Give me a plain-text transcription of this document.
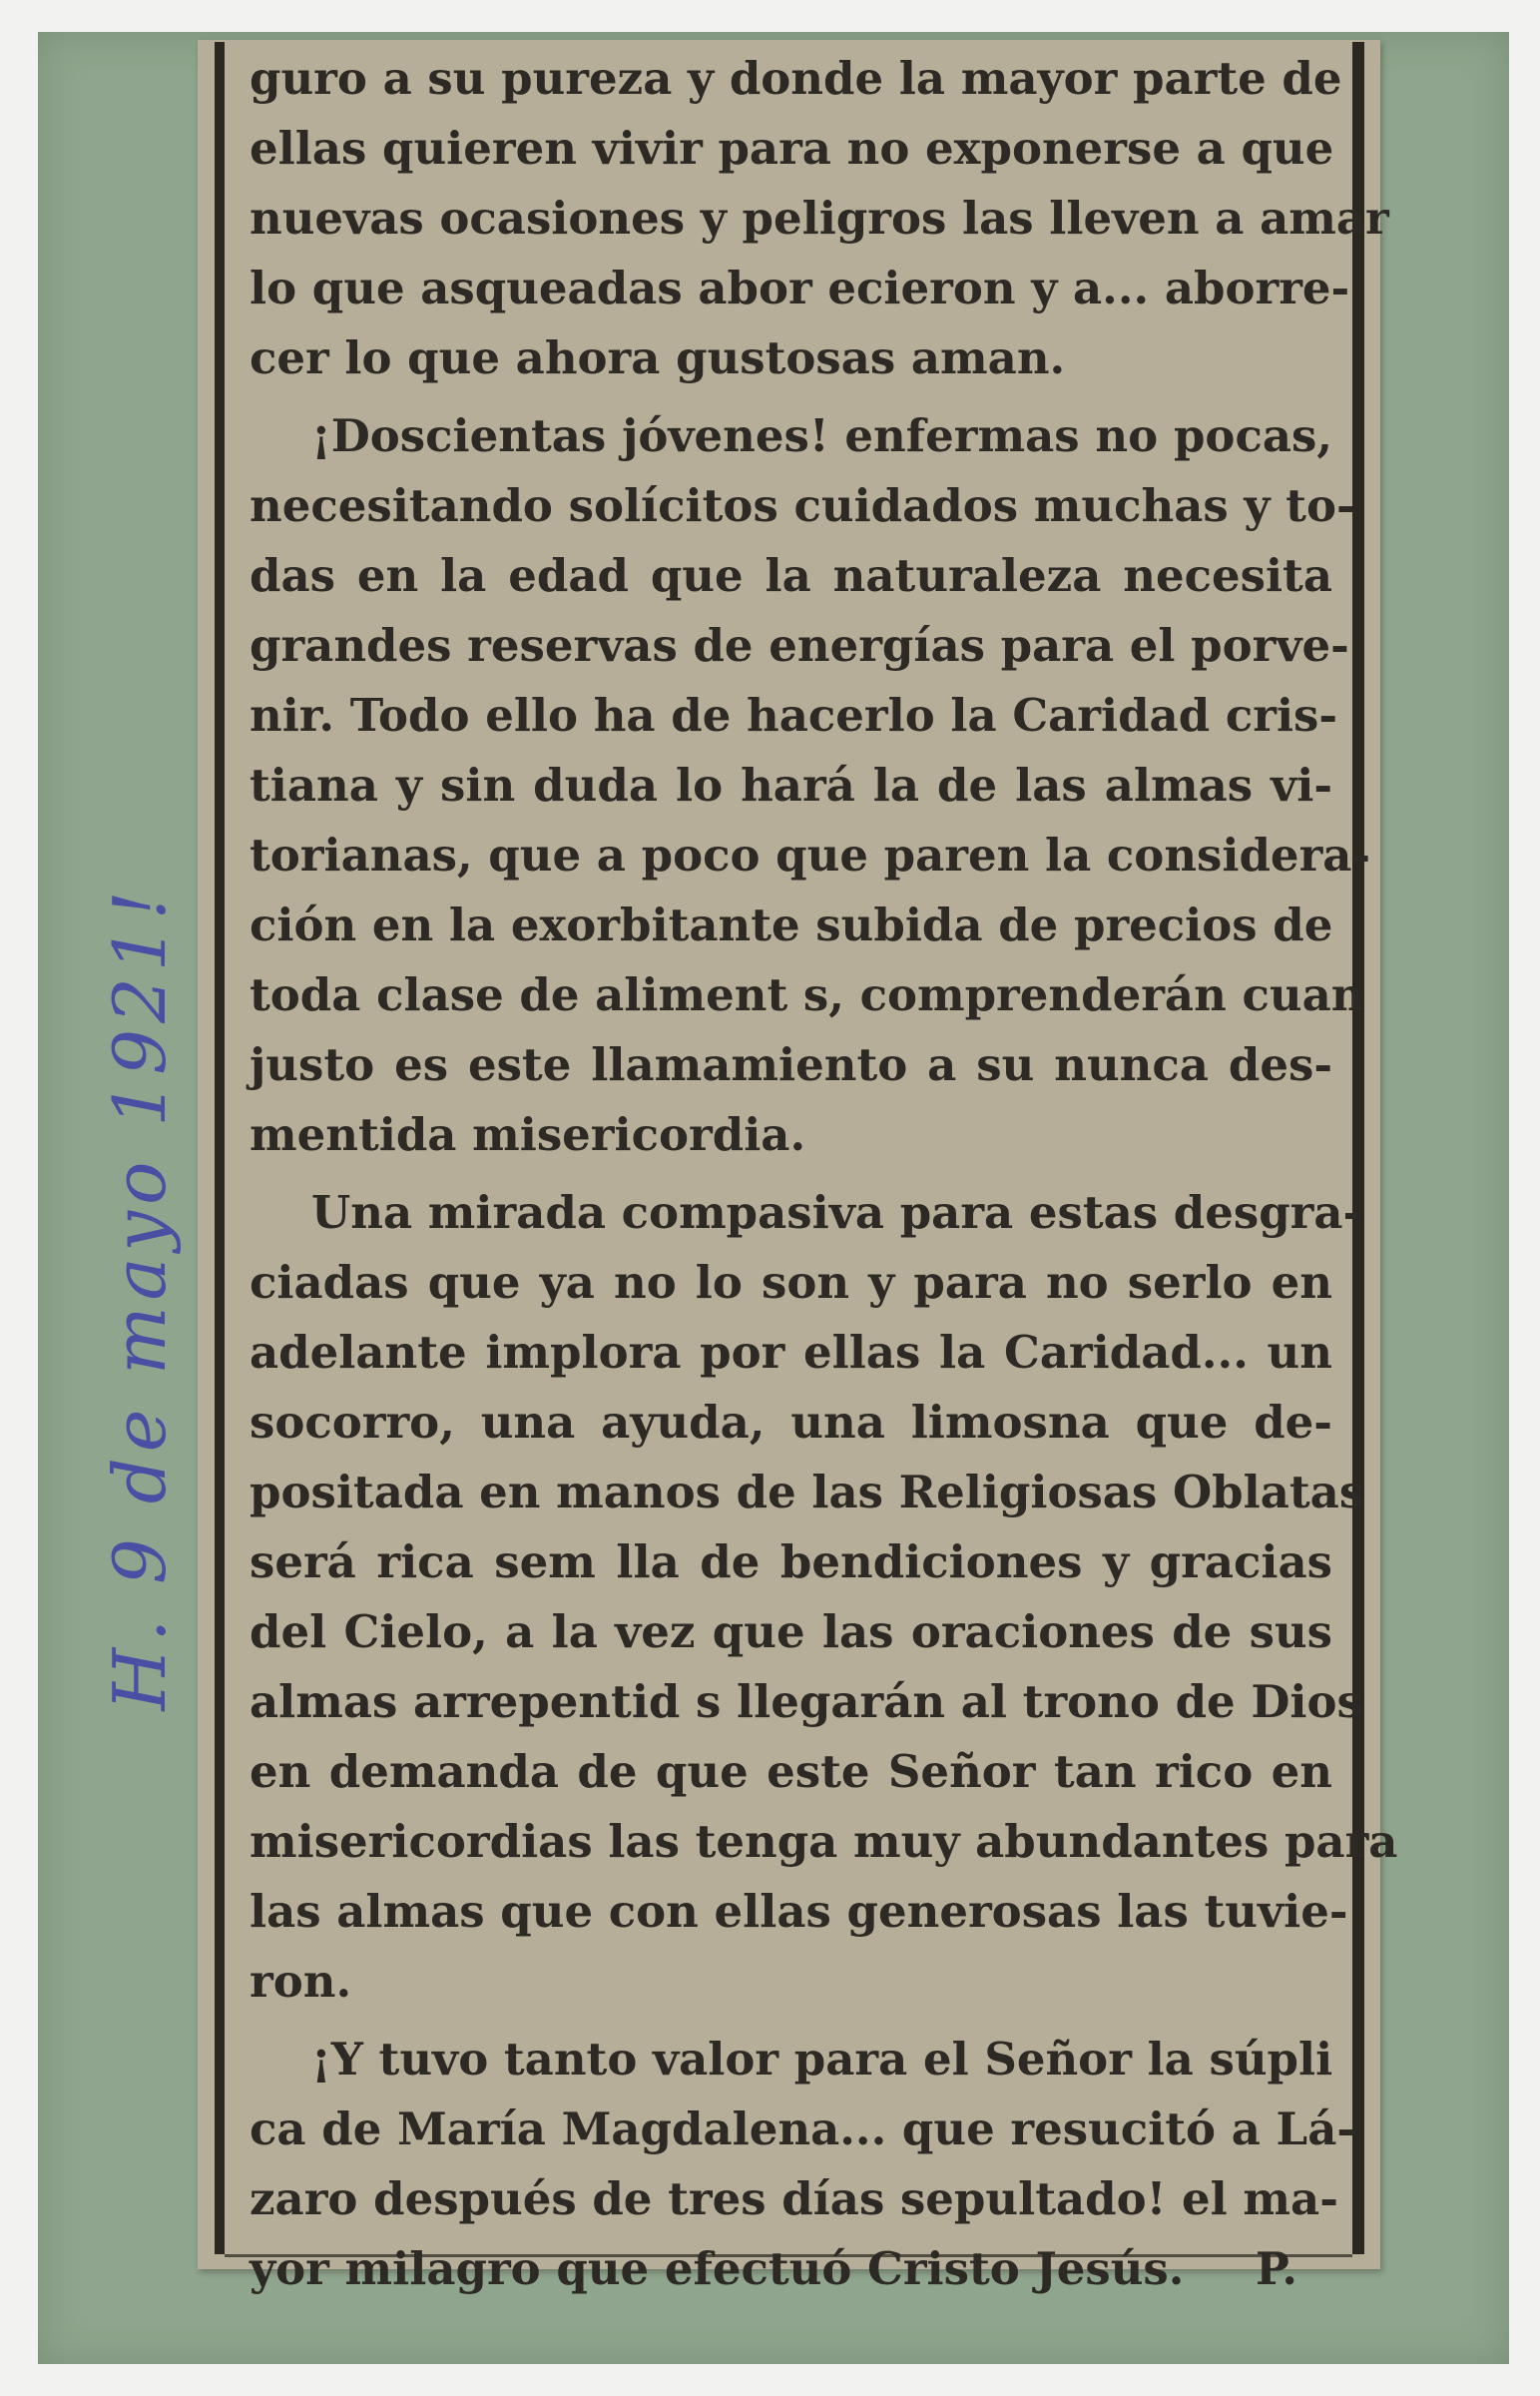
H. 9 de mayo 1921!
guro a su pureza y donde la mayor parte de
ellas quieren vivir para no exponerse a que
nuevas ocasiones y peligros las lleven a amar
lo que asqueadas abor ecieron y a... aborre-
cer lo que ahora gustosas aman.
¡Doscientas jóvenes! enfermas no pocas,
necesitando solícitos cuidados muchas y to-
das en la edad que la naturaleza necesita
grandes reservas de energías para el porve-
nir. Todo ello ha de hacerlo la Caridad cris-
tiana y sin duda lo hará la de las almas vi-
torianas, que a poco que paren la considera-
ción en la exorbitante subida de precios de
toda clase de aliment s, comprenderán cuan
justo es este llamamiento a su nunca des-
mentida misericordia.
Una mirada compasiva para estas desgra-
ciadas que ya no lo son y para no serlo en
adelante implora por ellas la Caridad... un
socorro, una ayuda, una limosna que de-
positada en manos de las Religiosas Oblatas
será rica sem lla de bendiciones y gracias
del Cielo, a la vez que las oraciones de sus
almas arrepentid s llegarán al trono de Dios
en demanda de que este Señor tan rico en
misericordias las tenga muy abundantes para
las almas que con ellas generosas las tuvie-
ron.
¡Y tuvo tanto valor para el Señor la súpli
ca de María Magdalena... que resucitó a Lá-
zaro después de tres días sepultado! el ma-
yor milagro que efectuó Cristo Jesús. P.
